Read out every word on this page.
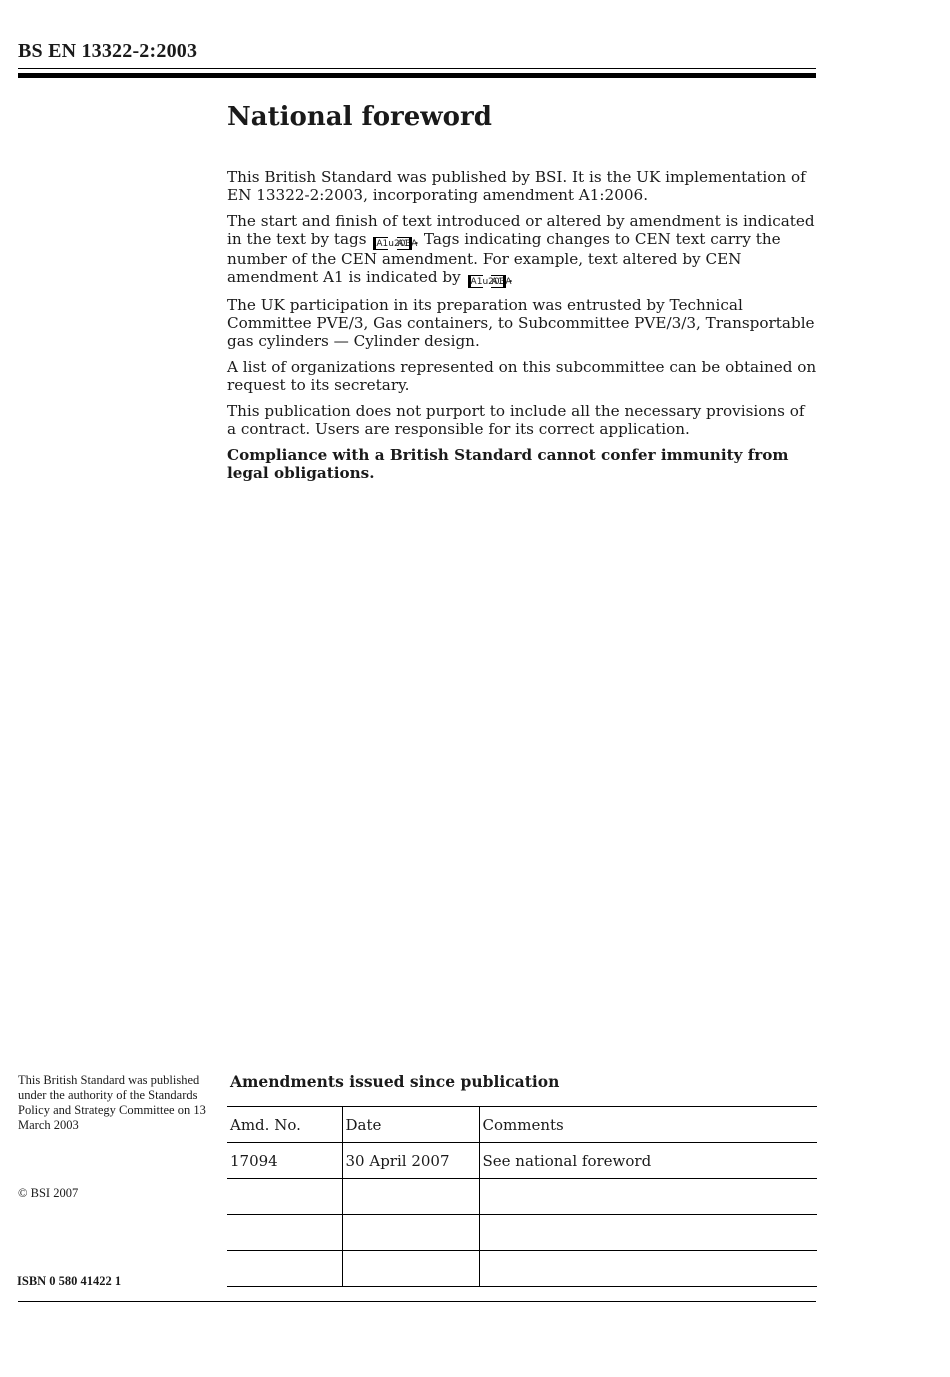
BS EN 13322-2:2003
National foreword

This British Standard was published by BSI. It is the UK implementation of EN 13322-2:2003, incorporating amendment A1:2006.

The start and finish of text introduced or altered by amendment is indicated in the text by tags A1 u203A A1 . Tags indicating changes to CEN text carry the number of the CEN amendment. For example, text altered by CEN amendment A1 is indicated by A1 u203A A1 .

The UK participation in its preparation was entrusted by Technical Committee PVE/3, Gas containers, to Subcommittee PVE/3/3, Transportable gas cylinders — Cylinder design.

A list of organizations represented on this subcommittee can be obtained on request to its secretary.

This publication does not purport to include all the necessary provisions of a contract. Users are responsible for its correct application.

Compliance with a British Standard cannot confer immunity from legal obligations.

This British Standard was published under the authority of the Standards Policy and Strategy Committee on 13 March 2003
© BSI 2007
ISBN 0 580 41422 1
Amendments issued since publication
Amd. No.	Date	Comments
17094	30 April 2007	See national foreword
